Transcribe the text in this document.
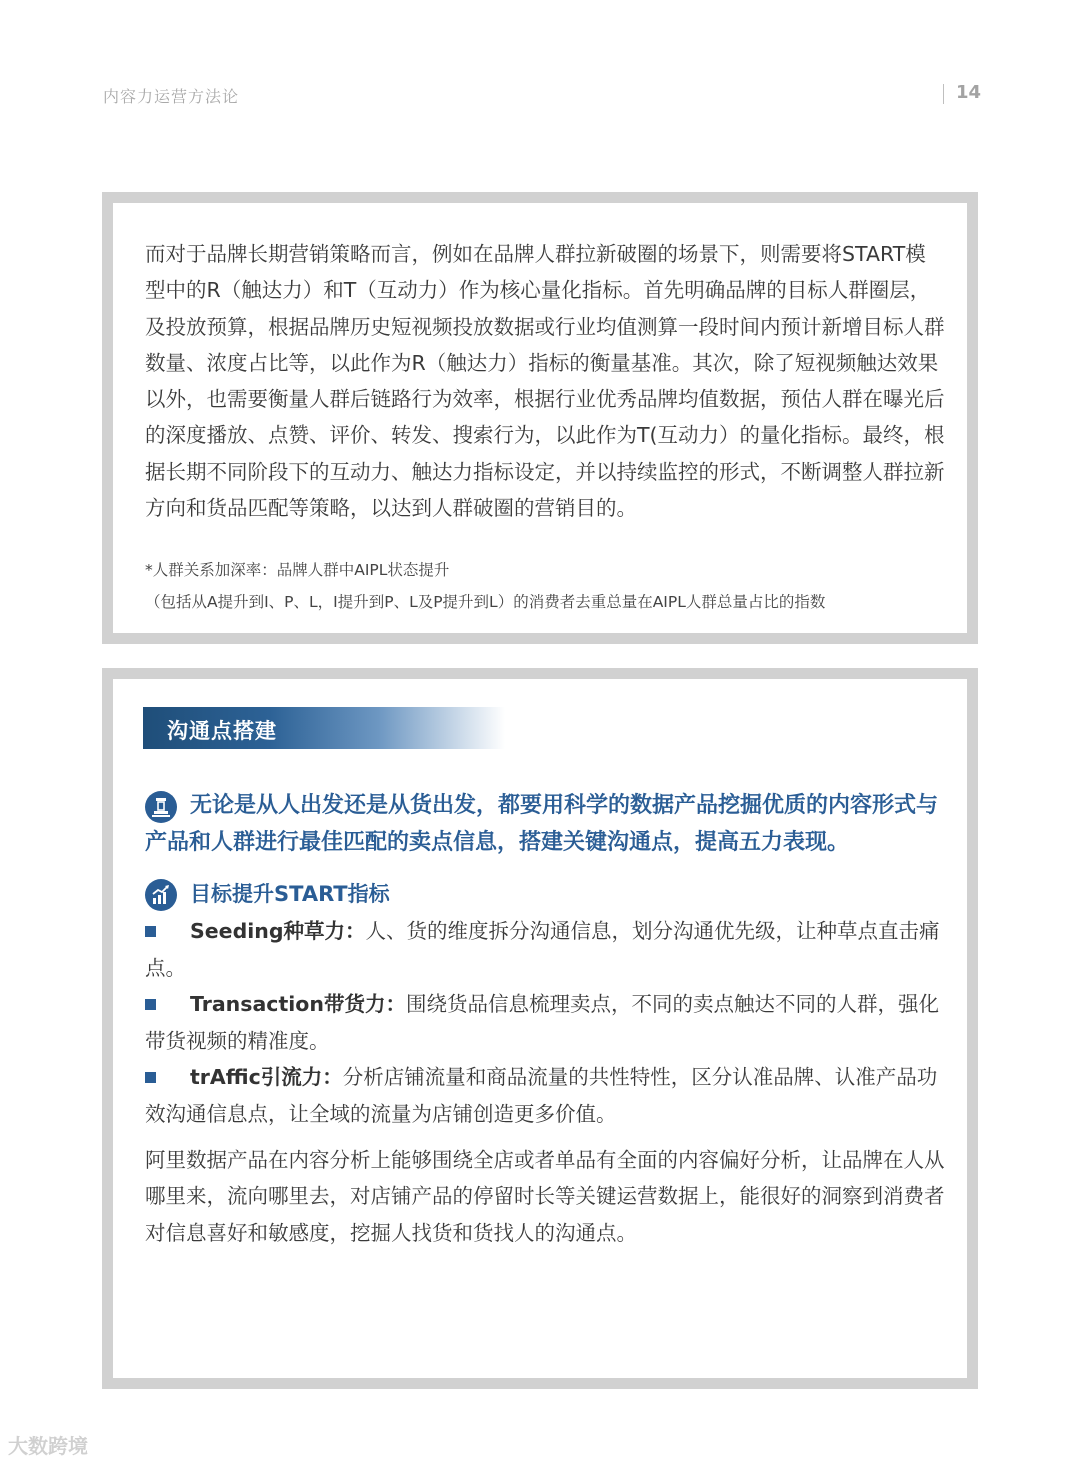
内容力运营方法论	14
而对于品牌长期营销策略而言，例如在品牌人群拉新破圈的场景下，则需要将START模型中的R（触达力）和T（互动力）作为核心量化指标。首先明确品牌的目标人群圈层，及投放预算，根据品牌历史短视频投放数据或行业均值测算一段时间内预计新增目标人群数量、浓度占比等，以此作为R（触达力）指标的衡量基准。其次，除了短视频触达效果以外，也需要衡量人群后链路行为效率，根据行业优秀品牌均值数据，预估人群在曝光后的深度播放、点赞、评价、转发、搜索行为，以此作为T(互动力）的量化指标。最终，根据长期不同阶段下的互动力、触达力指标设定，并以持续监控的形式，不断调整人群拉新方向和货品匹配等策略，以达到人群破圈的营销目的。
*人群关系加深率：品牌人群中AIPL状态提升
（包括从A提升到I、P、L，I提升到P、L及P提升到L）的消费者去重总量在AIPL人群总量占比的指数
沟通点搭建
无论是从人出发还是从货出发，都要用科学的数据产品挖掘优质的内容形式与产品和人群进行最佳匹配的卖点信息，搭建关键沟通点，提高五力表现。
目标提升START指标
Seeding种草力：人、货的维度拆分沟通信息，划分沟通优先级，让种草点直击痛点。
Transaction带货力：围绕货品信息梳理卖点，不同的卖点触达不同的人群，强化带货视频的精准度。
trAffic引流力：分析店铺流量和商品流量的共性特性，区分认准品牌、认准产品功效沟通信息点，让全域的流量为店铺创造更多价值。
阿里数据产品在内容分析上能够围绕全店或者单品有全面的内容偏好分析，让品牌在人从哪里来，流向哪里去，对店铺产品的停留时长等关键运营数据上，能很好的洞察到消费者对信息喜好和敏感度，挖掘人找货和货找人的沟通点。
大数跨境
